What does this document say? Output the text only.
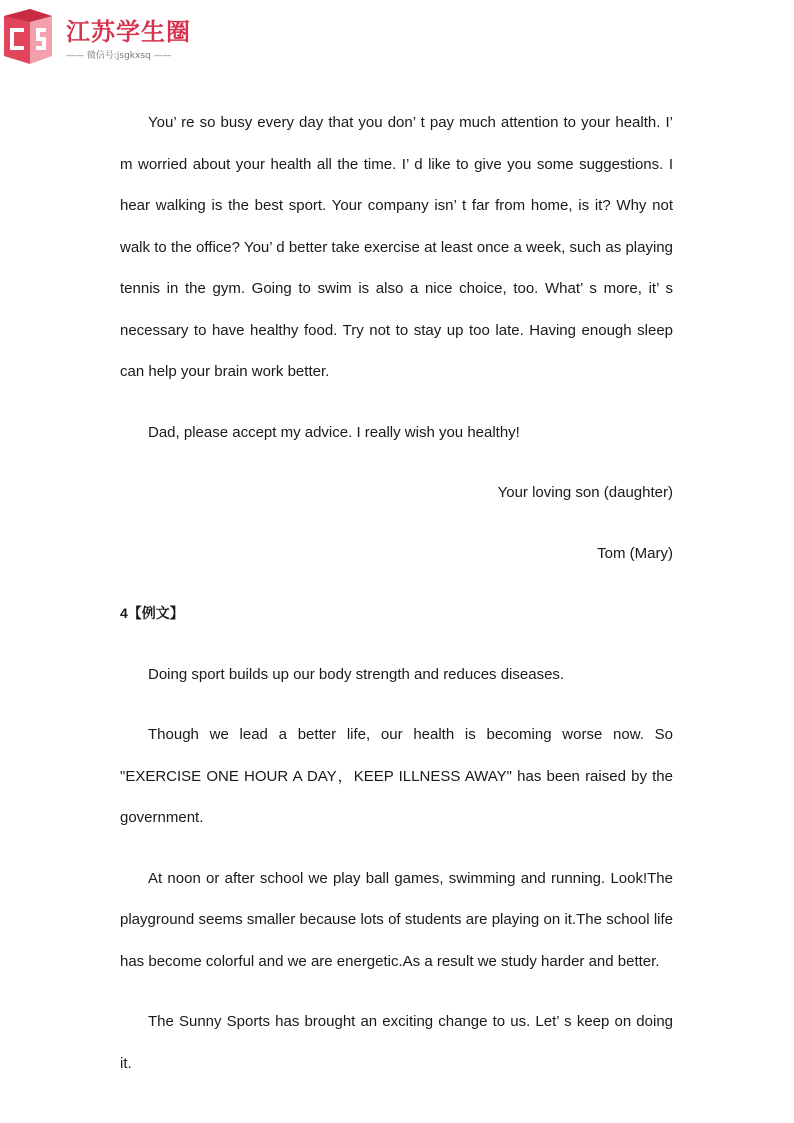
江苏学生圈
—— 微信号:jsgkxsq ——

You’ re so busy every day that you don’ t pay much attention to your health. I’ m worried about your health all the time. I’ d like to give you some suggestions. I hear walking is the best sport. Your company isn’ t far from home, is it? Why not walk to the office? You’ d better take exercise at least once a week, such as playing tennis in the gym. Going to swim is also a nice choice, too. What’ s more, it’ s necessary to have healthy food. Try not to stay up too late. Having enough sleep can help your brain work better.

Dad, please accept my advice. I really wish you healthy!

Your loving son (daughter)

Tom (Mary)

4【例文】

Doing sport builds up our body strength and reduces diseases.

Though we lead a better life, our health is becoming worse now. So "EXERCISE ONE HOUR A DAY，KEEP ILLNESS AWAY" has been raised by the government.

At noon or after school we play ball games, swimming and running. Look!The playground seems smaller because lots of students are playing on it.The school life has become colorful and we are energetic.As a result we study harder and better.

The Sunny Sports has brought an exciting change to us. Let’ s keep on doing it.
